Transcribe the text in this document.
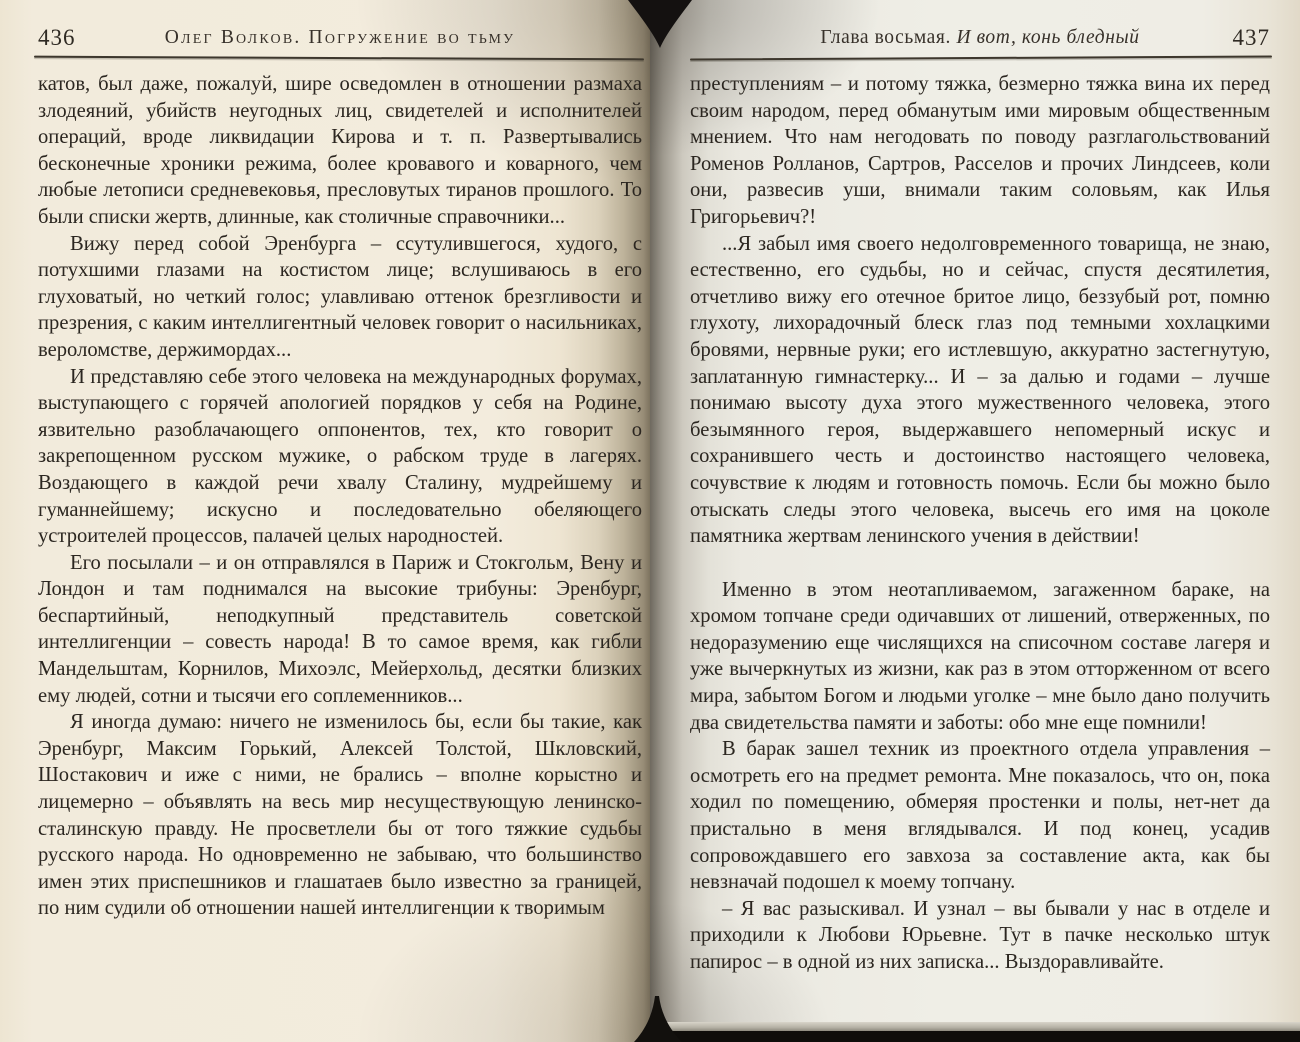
436	Олег Волков. Погружение во тьму

катов, был даже, пожалуй, шире осведомлен в отношении размаха злодеяний, убийств неугодных лиц, свидетелей и исполнителей операций, вроде ликвидации Кирова и т. п. Развертывались бесконечные хроники режима, более кровавого и коварного, чем любые летописи средневековья, пресловутых тиранов прошлого. То были списки жертв, длинные, как столичные справочники...

Вижу перед собой Эренбурга – ссутулившегося, худого, с потухшими глазами на костистом лице; вслушиваюсь в его глуховатый, но четкий голос; улавливаю оттенок брезгливости и презрения, с каким интеллигентный человек говорит о насильниках, вероломстве, держимордах...

И представляю себе этого человека на международных форумах, выступающего с горячей апологией порядков у себя на Родине, язвительно разоблачающего оппонентов, тех, кто говорит о закрепощенном русском мужике, о рабском труде в лагерях. Воздающего в каждой речи хвалу Сталину, мудрейшему и гуманнейшему; искусно и последовательно обеляющего устроителей процессов, палачей целых народностей.

Его посылали – и он отправлялся в Париж и Стокгольм, Вену и Лондон и там поднимался на высокие трибуны: Эренбург, беспартийный, неподкупный представитель советской интеллигенции – совесть народа! В то самое время, как гибли Мандельштам, Корнилов, Михоэлс, Мейерхольд, десятки близких ему людей, сотни и тысячи его соплеменников...

Я иногда думаю: ничего не изменилось бы, если бы такие, как Эренбург, Максим Горький, Алексей Толстой, Шкловский, Шостакович и иже с ними, не брались – вполне корыстно и лицемерно – объявлять на весь мир несуществующую ленинско-сталинскую правду. Не просветлели бы от того тяжкие судьбы русского народа. Но одновременно не забываю, что большинство имен этих приспешников и глашатаев было известно за границей, по ним судили об отношении нашей интеллигенции к творимым

Глава восьмая. И вот, конь бледный	437

преступлениям – и потому тяжка, безмерно тяжка вина их перед своим народом, перед обманутым ими мировым общественным мнением. Что нам негодовать по поводу разглагольствований Роменов Ролланов, Сартров, Расселов и прочих Линдсеев, коли они, развесив уши, внимали таким соловьям, как Илья Григорьевич?!

...Я забыл имя своего недолговременного товарища, не знаю, естественно, его судьбы, но и сейчас, спустя десятилетия, отчетливо вижу его отечное бритое лицо, беззубый рот, помню глухоту, лихорадочный блеск глаз под темными хохлацкими бровями, нервные руки; его истлевшую, аккуратно застегнутую, заплатанную гимнастерку... И – за далью и годами – лучше понимаю высоту духа этого мужественного человека, этого безымянного героя, выдержавшего непомерный искус и сохранившего честь и достоинство настоящего человека, сочувствие к людям и готовность помочь. Если бы можно было отыскать следы этого человека, высечь его имя на цоколе памятника жертвам ленинского учения в действии!

Именно в этом неотапливаемом, загаженном бараке, на хромом топчане среди одичавших от лишений, отверженных, по недоразумению еще числящихся на списочном составе лагеря и уже вычеркнутых из жизни, как раз в этом отторженном от всего мира, забытом Богом и людьми уголке – мне было дано получить два свидетельства памяти и заботы: обо мне еще помнили!

В барак зашел техник из проектного отдела управления – осмотреть его на предмет ремонта. Мне показалось, что он, пока ходил по помещению, обмеряя простенки и полы, нет-нет да пристально в меня вглядывался. И под конец, усадив сопровождавшего его завхоза за составление акта, как бы невзначай подошел к моему топчану.

– Я вас разыскивал. И узнал – вы бывали у нас в отделе и приходили к Любови Юрьевне. Тут в пачке несколько штук папирос – в одной из них записка... Выздоравливайте.
